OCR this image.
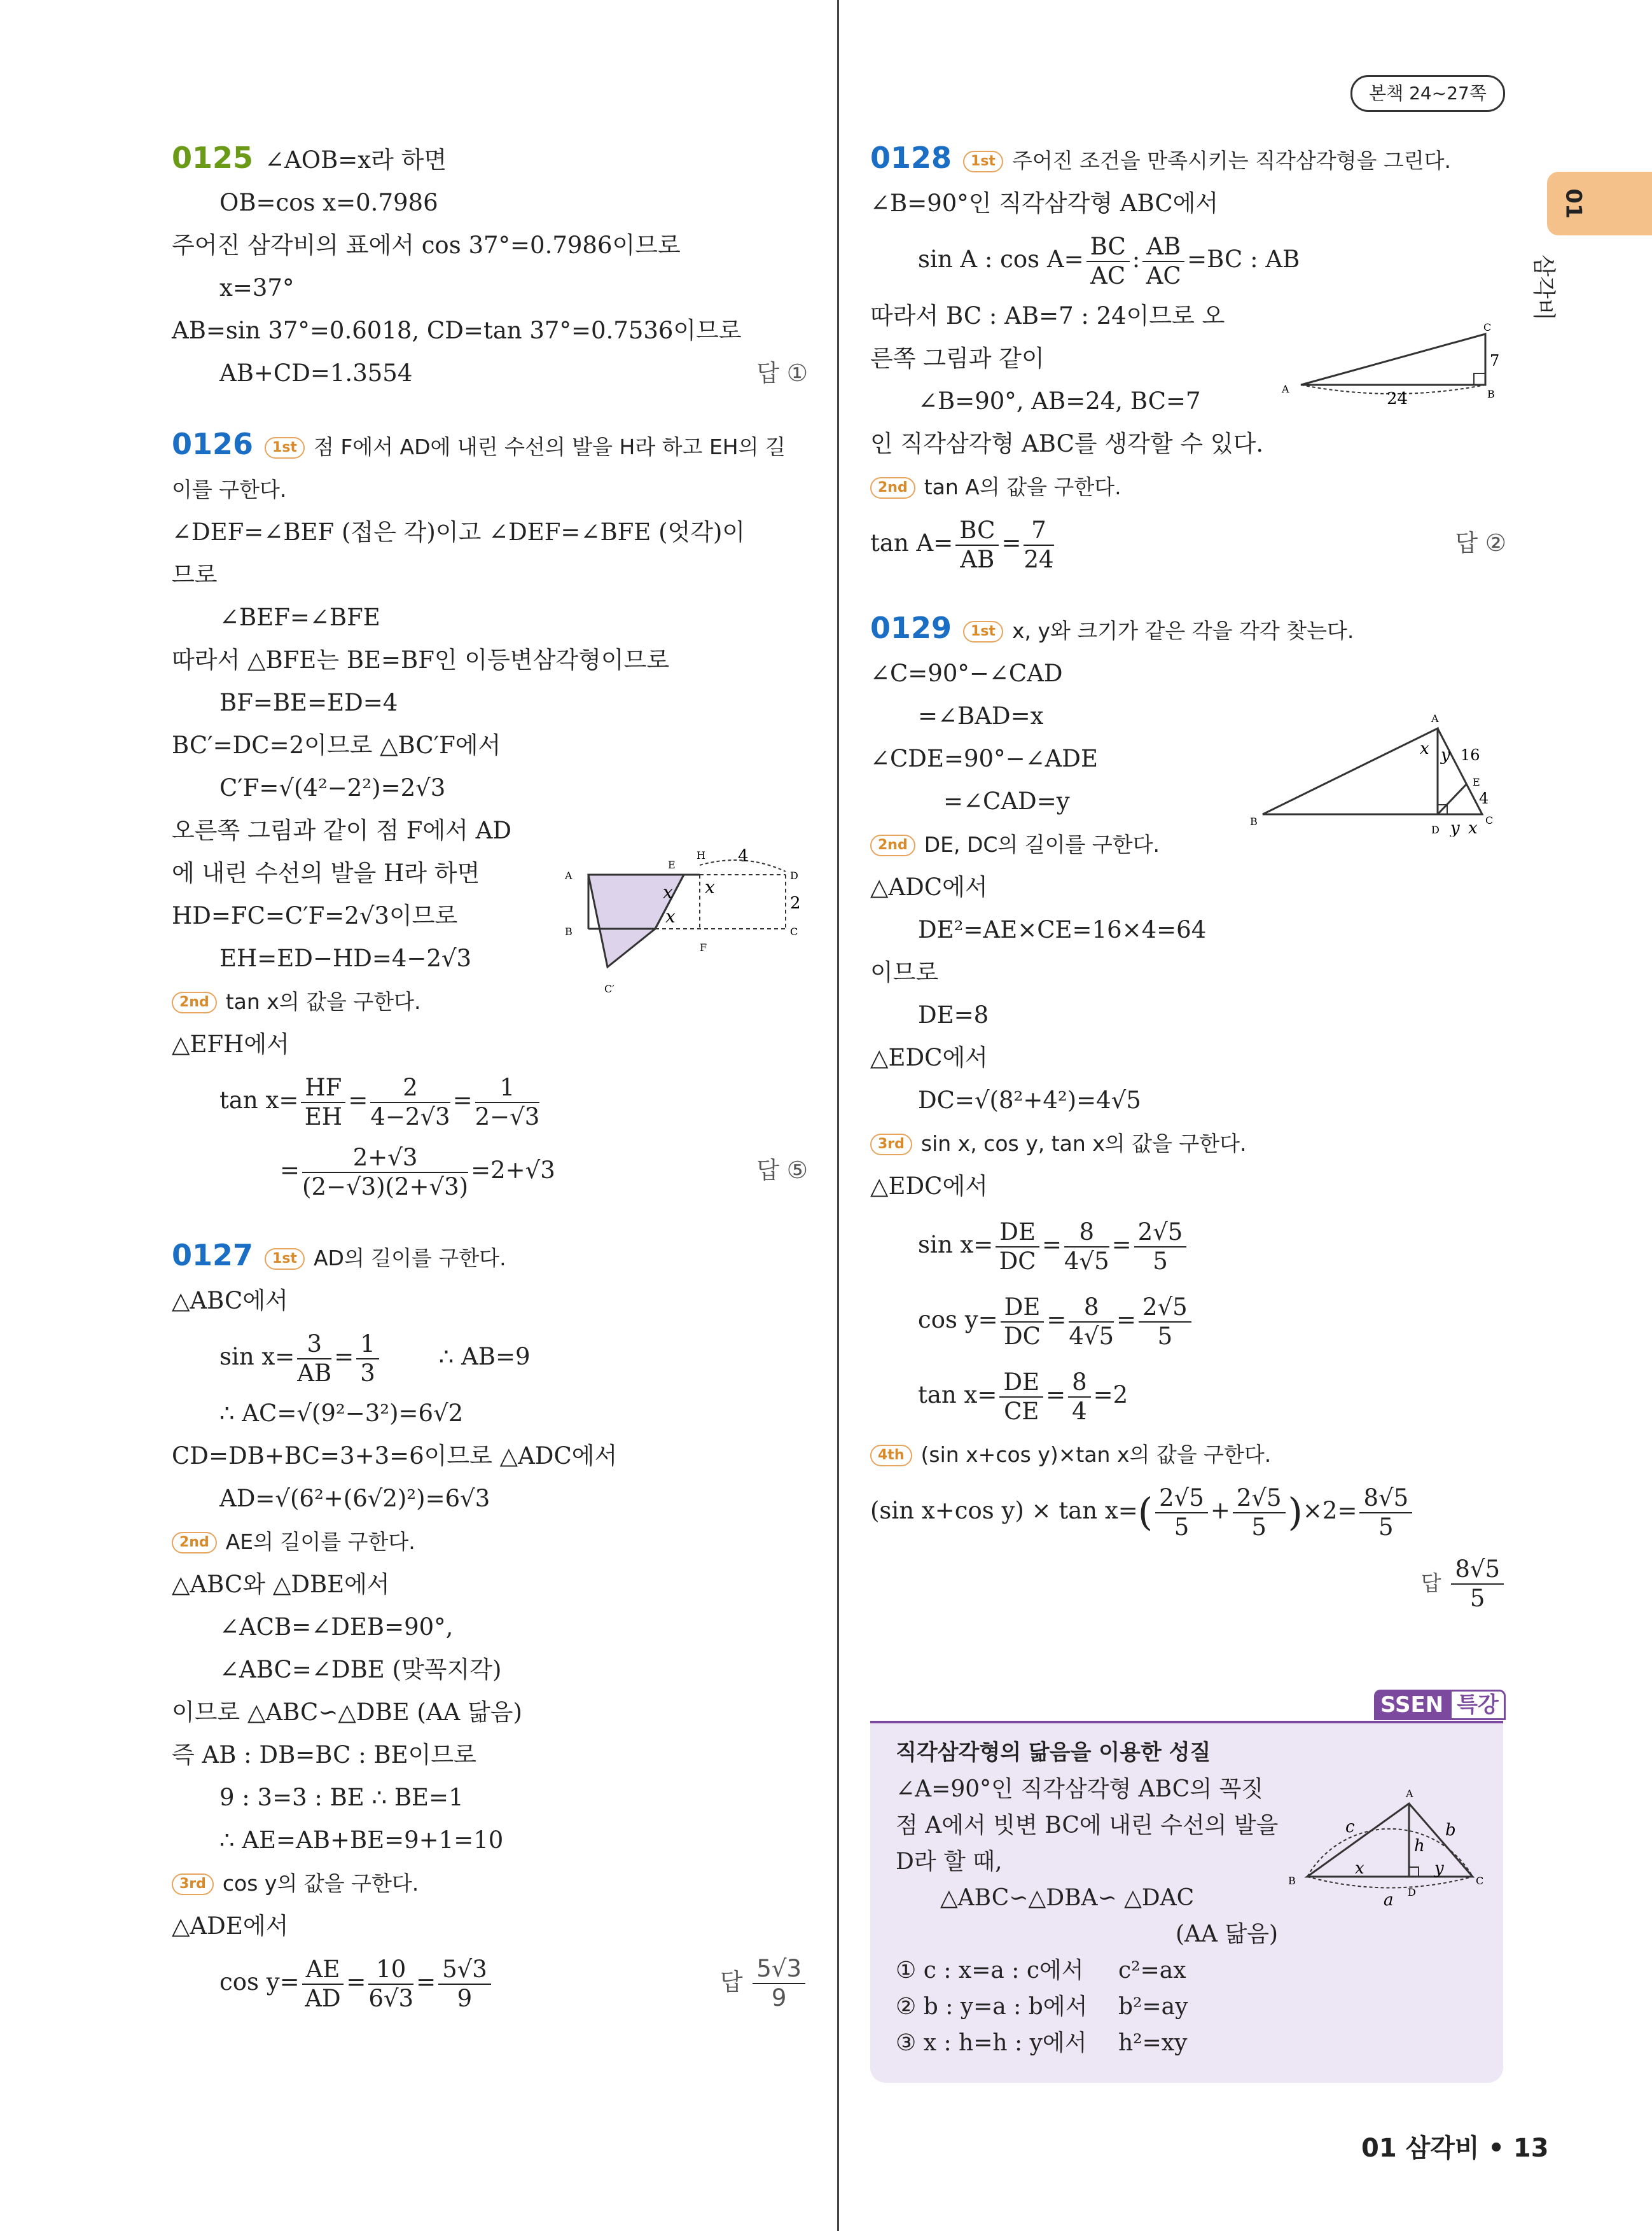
본책 24~27쪽
01
삼각비
0125 ∠AOB=x라 하면
OB=cos x=0.7986
주어진 삼각비의 표에서 cos 37°=0.7986이므로
x=37°
AB=sin 37°=0.6018, CD=tan 37°=0.7536이므로
AB+CD=1.3554	답 ①
0126 1st 점 F에서 AD에 내린 수선의 발을 H라 하고 EH의 길
이를 구한다.
∠DEF=∠BEF (접은 각)이고 ∠DEF=∠BFE (엇각)이
므로
∠BEF=∠BFE
따라서 △BFE는 BE=BF인 이등변삼각형이므로
BF=BE=ED=4
BC′=DC=2이므로 △BC′F에서
C′F=√(4²−2²)=2√3
오른쪽 그림과 같이 점 F에서 AD
에 내린 수선의 발을 H라 하면
HD=FC=C′F=2√3이므로
EH=ED−HD=4−2√3
2nd tan x의 값을 구한다.
△EFH에서
$\tan x= \frac{HF}{EH} = \frac{2}{4-2√3} = \frac{1}{2-√3}$
= $\frac{2+√3}{(2-√3)(2+√3)} =2+√3$	답 ⑤
0127 1st AD의 길이를 구한다.
△ABC에서
$\sin x= \frac{3}{AB} = \frac{1}{3}$	∴ AB=9
∴ AC=√(9²−3²)=6√2
CD=DB+BC=3+3=6이므로 △ADC에서
AD=√(6²+(6√2)²)=6√3
2nd AE의 길이를 구한다.
△ABC와 △DBE에서
∠ACB=∠DEB=90°,
∠ABC=∠DBE (맞꼭지각)
이므로 △ABC∽△DBE (AA 닮음)
즉 AB : DB=BC : BE이므로
9 : 3=3 : BE ∴ BE=1
∴ AE=AB+BE=9+1=10
3rd cos y의 값을 구한다.
△ADE에서
$\cos y= \frac{AE}{AD} = \frac{10}{6√3} = \frac{5√3}{9}$	답 $\frac{5√3}{9}$
A
B	C
D
E
H
F
C′
x x
x
4
2
0128 1st 주어진 조건을 만족시키는 직각삼각형을 그린다.
∠B=90°인 직각삼각형 ABC에서
sin A : $\cos A= \frac{BC}{AC}$ : $\frac{AB}{AC} =BC$ : AB
따라서 BC : AB=7 : 24이므로 오
른쪽 그림과 같이
∠B=90°, AB=24, BC=7
인 직각삼각형 ABC를 생각할 수 있다.
2nd tan A의 값을 구한다.
$\tan A= \frac{BC}{AB} = \frac{7}{24}$	답 ②
0129 1st x, y와 크기가 같은 각을 각각 찾는다.
∠C=90°−∠CAD
=∠BAD=x
∠CDE=90°−∠ADE
=∠CAD=y
2nd DE, DC의 길이를 구한다.
△ADC에서
DE²=AE×CE=16×4=64
이므로
DE=8
△EDC에서
DC=√(8²+4²)=4√5
3rd sin x, cos y, tan x의 값을 구한다.
△EDC에서
$\sin x= \frac{DE}{DC} = \frac{8}{4√5} = \frac{2√5}{5}$
$\cos y= \frac{DE}{DC} = \frac{8}{4√5} = \frac{2√5}{5}$
$\tan x= \frac{DE}{CE} = \frac{8}{4} =2$
4th (sin x+cos y)×tan x의 값을 구한다.
(sin x+cos $y) \times \tan x=( \frac{2√5}{5} + \frac{2√5}{5} )\times 2= \frac{8√5}{5}$
답 $\frac{8√5}{5}$
A	B
C
24
7
A
B	C
D
E
x y
y x
16
4
SSEN 특강
직각삼각형의 닮음을 이용한 성질
∠A=90°인 직각삼각형 ABC의 꼭짓
점 A에서 빗변 BC에 내린 수선의 발을
D라 할 때,
△ABC∽△DBA∽ △DAC
(AA 닮음)
① c : x=a : c에서 c²=ax
② b : y=a : b에서 b²=ay
③ x : h=h : y에서 h²=xy
A
B	C
D
a
b
c
h
x	y
01 삼각비 • 13
